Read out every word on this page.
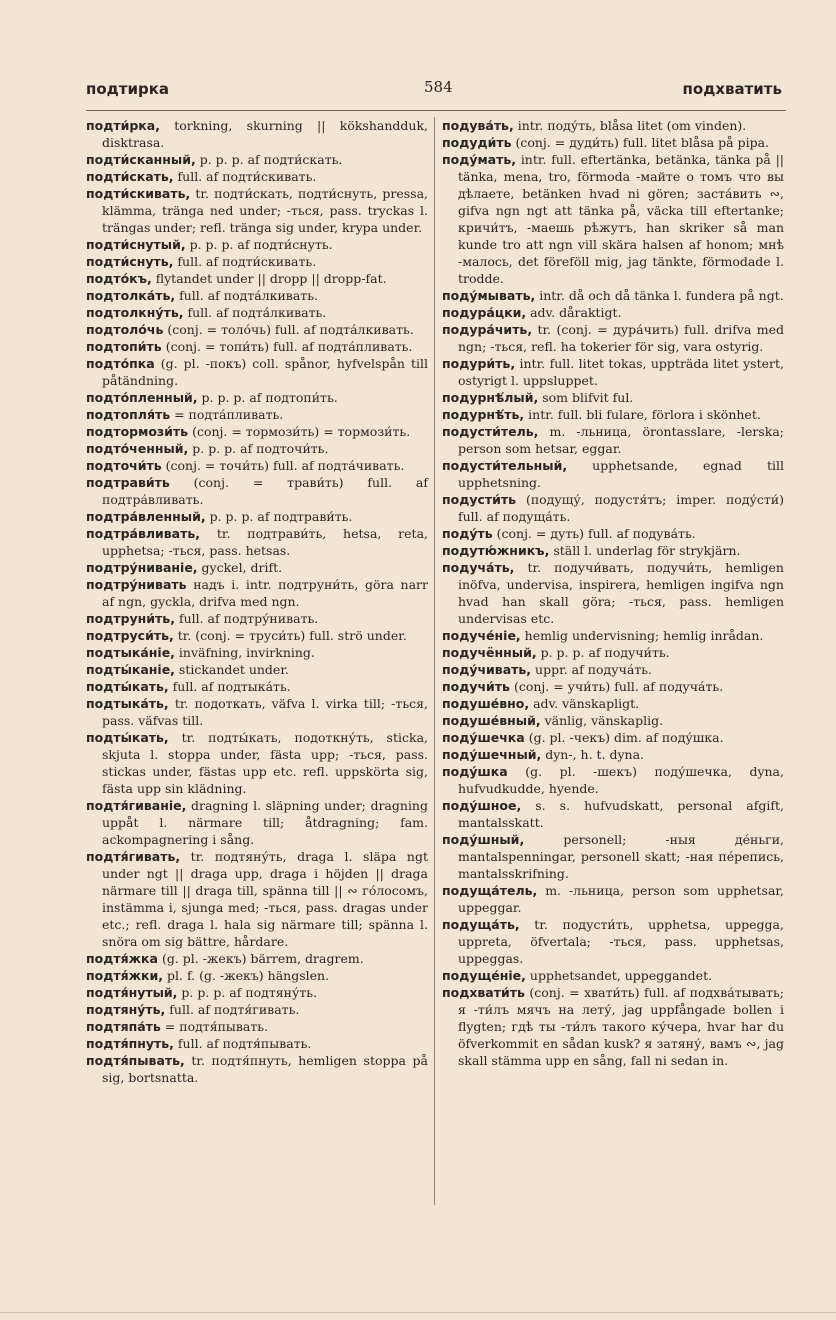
подтирка	584	подхватить

подти́рка, torkning, skurning || kökshandduk, disktrasa.

подти́сканный, p. p. p. af подти́скать.

подти́скать, full. af подти́скивать.

подти́скивать, tr. подти́скать, подти́снуть, pressa, klämma, tränga ned under; -ться, pass. tryckas l. trängas under; refl. tränga sig under, krypa under.

подти́снутый, p. p. p. af подти́снуть.

подти́снуть, full. af подти́скивать.

подто́къ, flytandet under || dropp || dropp-fat.

подтолка́ть, full. af подта́лкивать.

подтолкну́ть, full. af подта́лкивать.

подтоло́чь (conj. = толо́чь) full. af подта́лкивать.

подтопи́ть (conj. = топи́ть) full. af подта́пливать.

подто́пка (g. pl. -покъ) coll. spånor, hyfvelspån till påtändning.

подто́пленный, p. p. p. af подтопи́ть.

подтопля́ть = подта́пливать.

подтормози́ть (conj. = тормози́ть) = тормози́ть.

подто́ченный, p. p. p. af подточи́ть.

подточи́ть (conj. = точи́ть) full. af подта́чивать.

подтрави́ть (conj. = трави́ть) full. af подтра́вливать.

подтра́вленный, p. p. p. af подтрави́ть.

подтра́вливать, tr. подтрави́ть, hetsa, reta, upphetsa; -ться, pass. hetsas.

подтру́ниваніе, gyckel, drift.

подтру́нивать надъ i. intr. подтруни́ть, göra narr af ngn, gyckla, drifva med ngn.

подтруни́ть, full. af подтру́нивать.

подтруси́ть, tr. (conj. = труси́ть) full. strö under.

подтыка́ніе, inväfning, invirkning.

подты́каніе, stickandet under.

подты́кать, full. af подтыка́ть.

подтыка́ть, tr. подоткать, väfva l. virka till; -ться, pass. väfvas till.

подты́кать, tr. подты́кать, подоткну́ть, sticka, skjuta l. stoppa under, fästa upp; -ться, pass. stickas under, fästas upp etc. refl. uppskörta sig, fästa upp sin klädning.

подтя́гиваніе, dragning l. släpning under; dragning uppåt l. närmare till; åtdragning; fam. ackompagnering i sång.

подтя́гивать, tr. подтяну́ть, draga l. släpa ngt under ngt || draga upp, draga i höjden || draga närmare till || draga till, spänna till || ∾ го́лосомъ, instämma i, sjunga med; -ться, pass. dragas under etc.; refl. draga l. hala sig närmare till; spänna l. snöra om sig bättre, hårdare.

подтя́жка (g. pl. -жекъ) bärrem, dragrem.

подтя́жки, pl. f. (g. -жекъ) hängslen.

подтя́нутый, p. p. p. af подтяну́ть.

подтяну́ть, full. af подтя́гивать.

подтяпа́ть = подтя́пывать.

подтя́пнуть, full. af подтя́пывать.

подтя́пывать, tr. подтя́пнуть, hemligen stoppa på sig, bortsnatta.

подува́ть, intr. поду́ть, blåsa litet (om vinden).

подуди́ть (conj. = дуди́ть) full. litet blåsa på pipa.

поду́мать, intr. full. eftertänka, betänka, tänka på || tänka, mena, tro, förmoda -майте о томъ что вы дѣлаете, betänken hvad ni gören; заста́вить ∾, gifva ngn ngt att tänka på, väcka till eftertanke; кричи́тъ, -маешь рѣжутъ, han skriker så man kunde tro att ngn vill skära halsen af honom; мнѣ -малось, det föreföll mig, jag tänkte, förmodade l. trodde.

поду́мывать, intr. då och då tänka l. fundera på ngt.

подура́цки, adv. dåraktigt.

подура́чить, tr. (conj. = дура́чить) full. drifva med ngn; -ться, refl. ha tokerier för sig, vara ostyrig.

подури́ть, intr. full. litet tokas, uppträda litet ystert, ostyrigt l. uppsluppet.

подурнѣ́лый, som blifvit ful.

подурнѣ́ть, intr. full. bli fulare, förlora i skönhet.

подусти́тель, m. -льница, örontasslare, -lerska; person som hetsar, eggar.

подусти́тельный, upphetsande, egnad till upphetsning.

подусти́ть (подущу́, подустя́тъ; imper. поду́сти́) full. af подуща́ть.

поду́ть (conj. = дуть) full. af подува́ть.

подутю́жникъ, ställ l. underlag för strykjärn.

подуча́ть, tr. подучи́вать, подучи́ть, hemligen inöfva, undervisa, inspirera, hemligen ingifva ngn hvad han skall göra; -ться, pass. hemligen undervisas etc.

подуче́ніе, hemlig undervisning; hemlig inrådan.

подучённый, p. p. p. af подучи́ть.

поду́чивать, uppr. af подуча́ть.

подучи́ть (conj. = учи́ть) full. af подуча́ть.

подуше́вно, adv. vänskapligt.

подуше́вный, vänlig, vänskaplig.

поду́шечка (g. pl. -чекъ) dim. af поду́шка.

поду́шечный, dyn-, h. t. dyna.

поду́шка (g. pl. -шекъ) поду́шечка, dyna, hufvudkudde, hyende.

поду́шное, s. s. hufvudskatt, personal afgift, mantalsskatt.

поду́шный,	personell; -ныя де́ньги, mantalspenningar, personell skatt; -ная пе́репись, mantalsskrifning.

подуща́тель, m. -льница, person som upphetsar, uppeggar.

подуща́ть, tr. подусти́ть, upphetsa, uppegga, uppreta, öfvertala; -ться, pass. upphetsas, uppeggas.

подуще́ніе, upphetsandet, uppeggandet.

подхвати́ть (conj. = хвати́ть) full. af подхва́тывать; я -ти́лъ мячъ на лету́, jag uppfångade bollen i flygten; гдѣ ты -ти́лъ такого ку́чера, hvar har du öfverkommit en sådan kusk? я затяну́, вамъ ∾, jag skall stämma upp en sång, fall ni sedan in.
